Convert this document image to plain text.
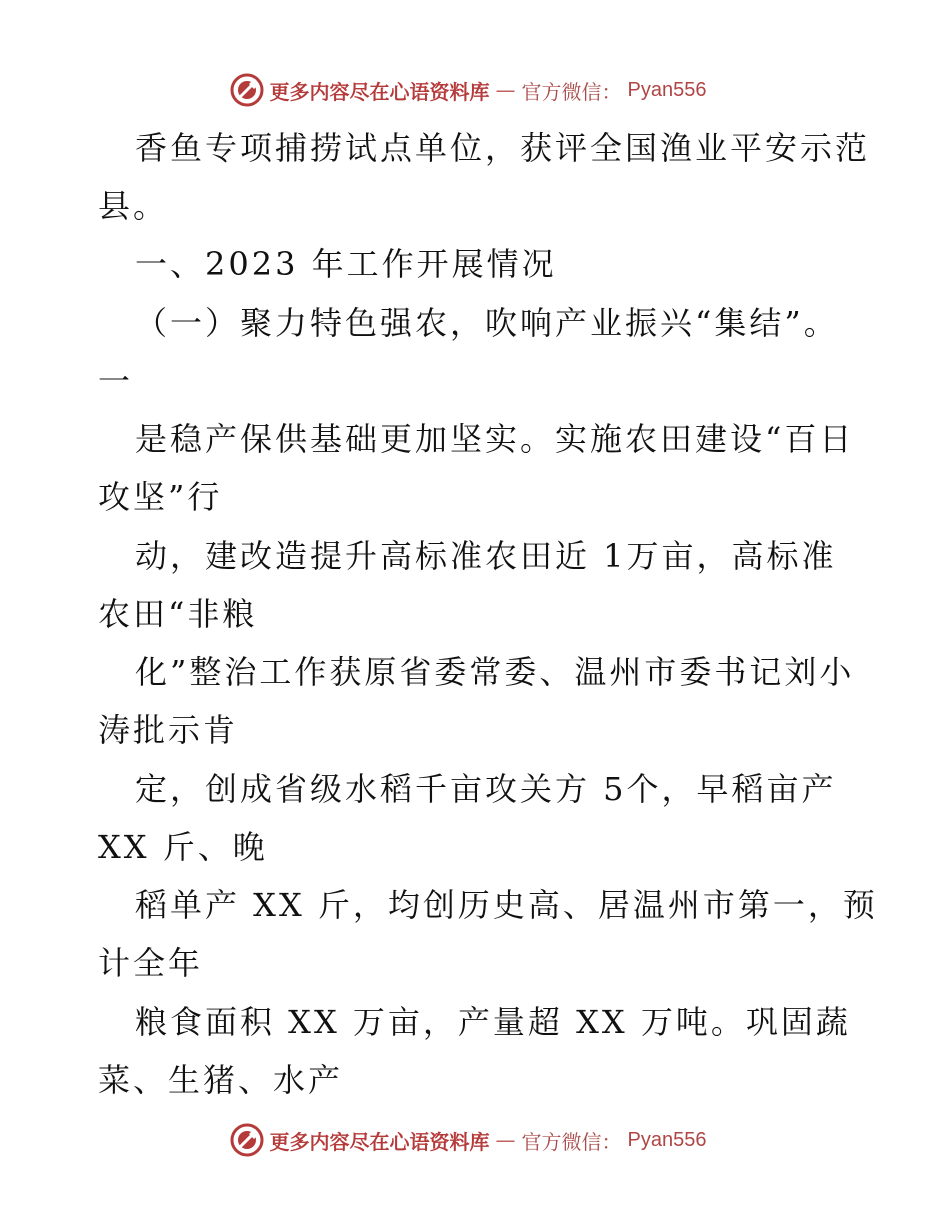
更多内容尽在心语资料库 — 官方微信： Pyan556
香鱼专项捕捞试点单位，获评全国渔业平安示范
县。
一、2023 年工作开展情况
（一）聚力特色强农，吹响产业振兴“集结”。
一
是稳产保供基础更加坚实。实施农田建设“百日
攻坚”行
动，建改造提升高标准农田近 1万亩，高标准
农田“非粮
化”整治工作获原省委常委、温州市委书记刘小
涛批示肯
定，创成省级水稻千亩攻关方 5个，早稻亩产
XX 斤、晚
稻单产 XX 斤，均创历史高、居温州市第一，预
计全年
粮食面积 XX 万亩，产量超 XX 万吨。巩固蔬
菜、生猪、水产
更多内容尽在心语资料库 — 官方微信： Pyan556
